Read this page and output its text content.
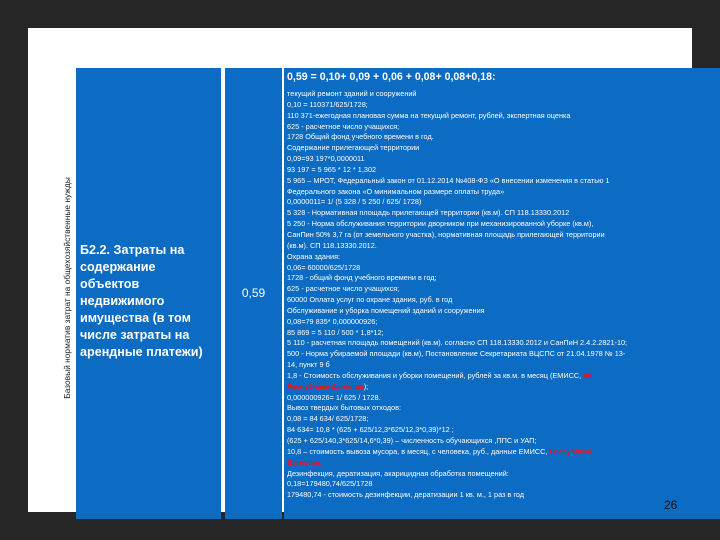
Базовый норматив затрат на общехозяйственные нужды Б2.2. Затраты на содержание объектов недвижимого имущества (в том числе затраты на арендные платежи)
0,59
0,59 = 0,10+ 0,09 + 0,06 + 0,08+ 0,08+0,18:
текущий ремонт зданий и сооружений
0,10 = 110371/625/1728;
110 371-ежегодная плановая сумма на текущий ремонт, рублей, экспертная оценка
625 - расчетное число учащихся;
1728 Общий фонд учебного времени в год.
Содержание прилегающей территории
0,09=93 197*0,0000011
93 197 = 5 965 * 12 * 1,302
5 965 – МРОТ, Федеральный закон от 01.12.2014 №408-ФЗ «О внесении изменения в статью 1
Федерального закона «О минимальном размере оплаты труда»
0,0000011= 1/ (5 328 / 5 250 / 625/ 1728)
5 328 - Нормативная площадь прилегающей территории (кв.м). СП 118.13330.2012
5 250 - Норма обслуживания территории дворником при механизированной уборке (кв.м),
СанПин 50% 3,7 га (от земельного участка), нормативная площадь прилегающей территории
(кв.м). СП 118.13330.2012.
Охрана здания:
0,06= 60000/625/1728
1728 - общий фонд учебного времени в год;
625 - расчетное число учащихся;
60000 Оплата услуг по охране здания, руб. в год
Обслуживание и уборка помещений зданий и сооружения
0,08=79 835* 0,000000926;
85 869 = 5 110 / 500 * 1,8*12;
5 110 - расчетная площадь помещений (кв.м). согласно СП 118.13330.2012 и СанПиН 2.4.2.2821-10;
500 - Норма убираемой площади (кв.м), Постановление Секретариата ВЦСПС от 21.04.1978 № 13-
14, пункт 9 б
1,8 - Стоимость обслуживания и уборки помещений, рублей за кв.м. в месяц (ЕМИСС, по
Республике Дагестан);
0,000000926= 1/ 625 / 1728.
Вывоз твердых бытовых отходов:
0,08 = 84 634/ 625/1728;
84 634= 10,8 * (625 + 625/12,3*625/12,3*0,39)*12 ;
(625 + 625/140,3*625/14,6*0,39) – численность обучающихся ,ППС и УАП;
10,8 – стоимость вывоза мусора, в месяц, с человека, руб., данные ЕМИСС, Республика
Дагестан.
Дезинфекция, дератизация, акарицидная обработка помещений:
0,18=179480,74/625/1728
179480,74 - стоимость дезинфекции, дератизации 1 кв. м., 1 раз в год
26
